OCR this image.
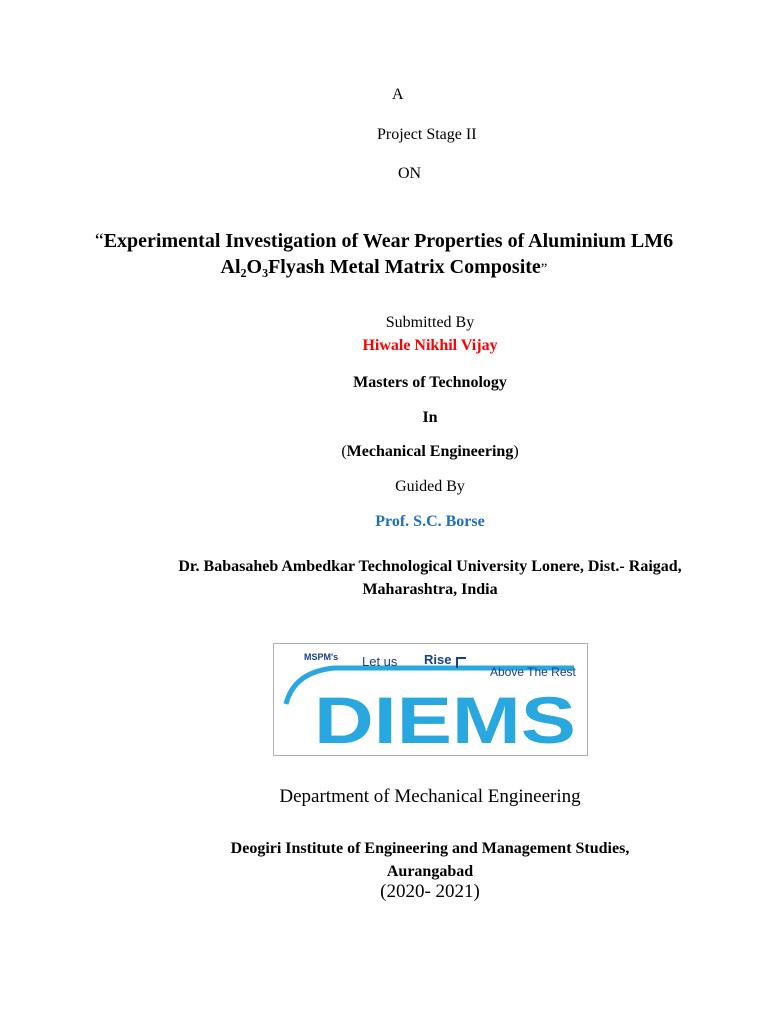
A
Project Stage II
ON
“Experimental Investigation of Wear Properties of Aluminium LM6
Al₂O₃Flyash Metal Matrix Composite”
Submitted By
Hiwale Nikhil Vijay
Masters of Technology
In
(Mechanical Engineering)
Guided By
Prof. S.C. Borse
Dr. Babasaheb Ambedkar Technological University Lonere, Dist.- Raigad,
Maharashtra, India
MSPM's Let us Rise
Above The Rest
DIEMS
Department of Mechanical Engineering
Deogiri Institute of Engineering and Management Studies,
Aurangabad
(2020- 2021)
